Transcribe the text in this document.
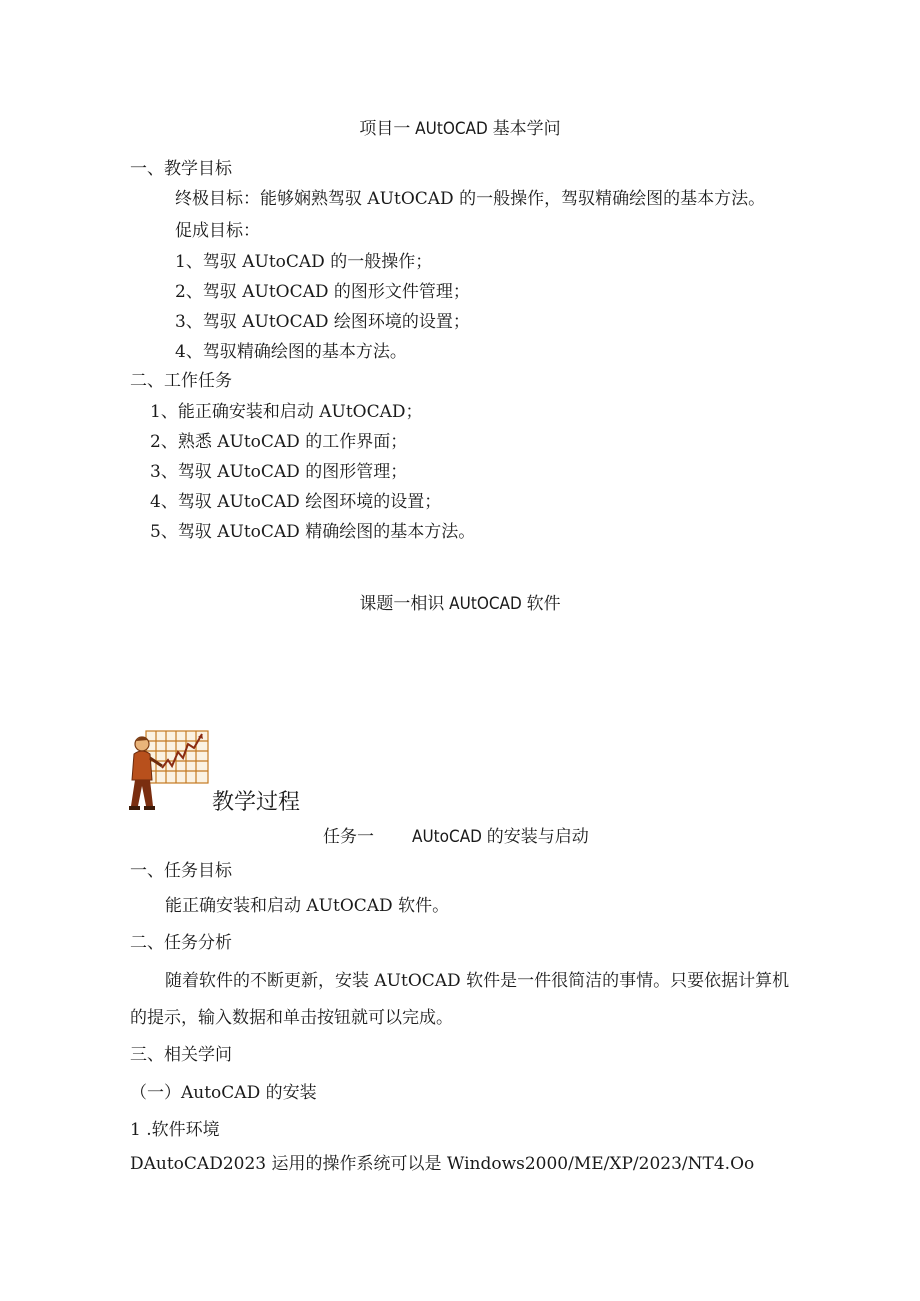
项目一 AUtOCAD 基本学问
一、教学目标
终极目标：能够娴熟驾驭 AUtOCAD 的一般操作，驾驭精确绘图的基本方法。
促成目标：
1、驾驭 AUtoCAD 的一般操作；
2、驾驭 AUtOCAD 的图形文件管理；
3、驾驭 AUtOCAD 绘图环境的设置；
4、驾驭精确绘图的基本方法。
二、工作任务
1、能正确安装和启动 AUtOCAD；
2、熟悉 AUtoCAD 的工作界面；
3、驾驭 AUtoCAD 的图形管理；
4、驾驭 AUtoCAD 绘图环境的设置；
5、驾驭 AUtoCAD 精确绘图的基本方法。
课题一相识 AUtOCAD 软件
教学过程
任务一 AUtoCAD 的安装与启动
一、任务目标
能正确安装和启动 AUtOCAD 软件。
二、任务分析
随着软件的不断更新，安装 AUtOCAD 软件是一件很简洁的事情。只要依据计算机
的提示，输入数据和单击按钮就可以完成。
三、相关学问
（一）AutoCAD 的安装
1 .软件环境
DAutoCAD2023 运用的操作系统可以是 Windows2000/ME/XP/2023/NT4.Oo
